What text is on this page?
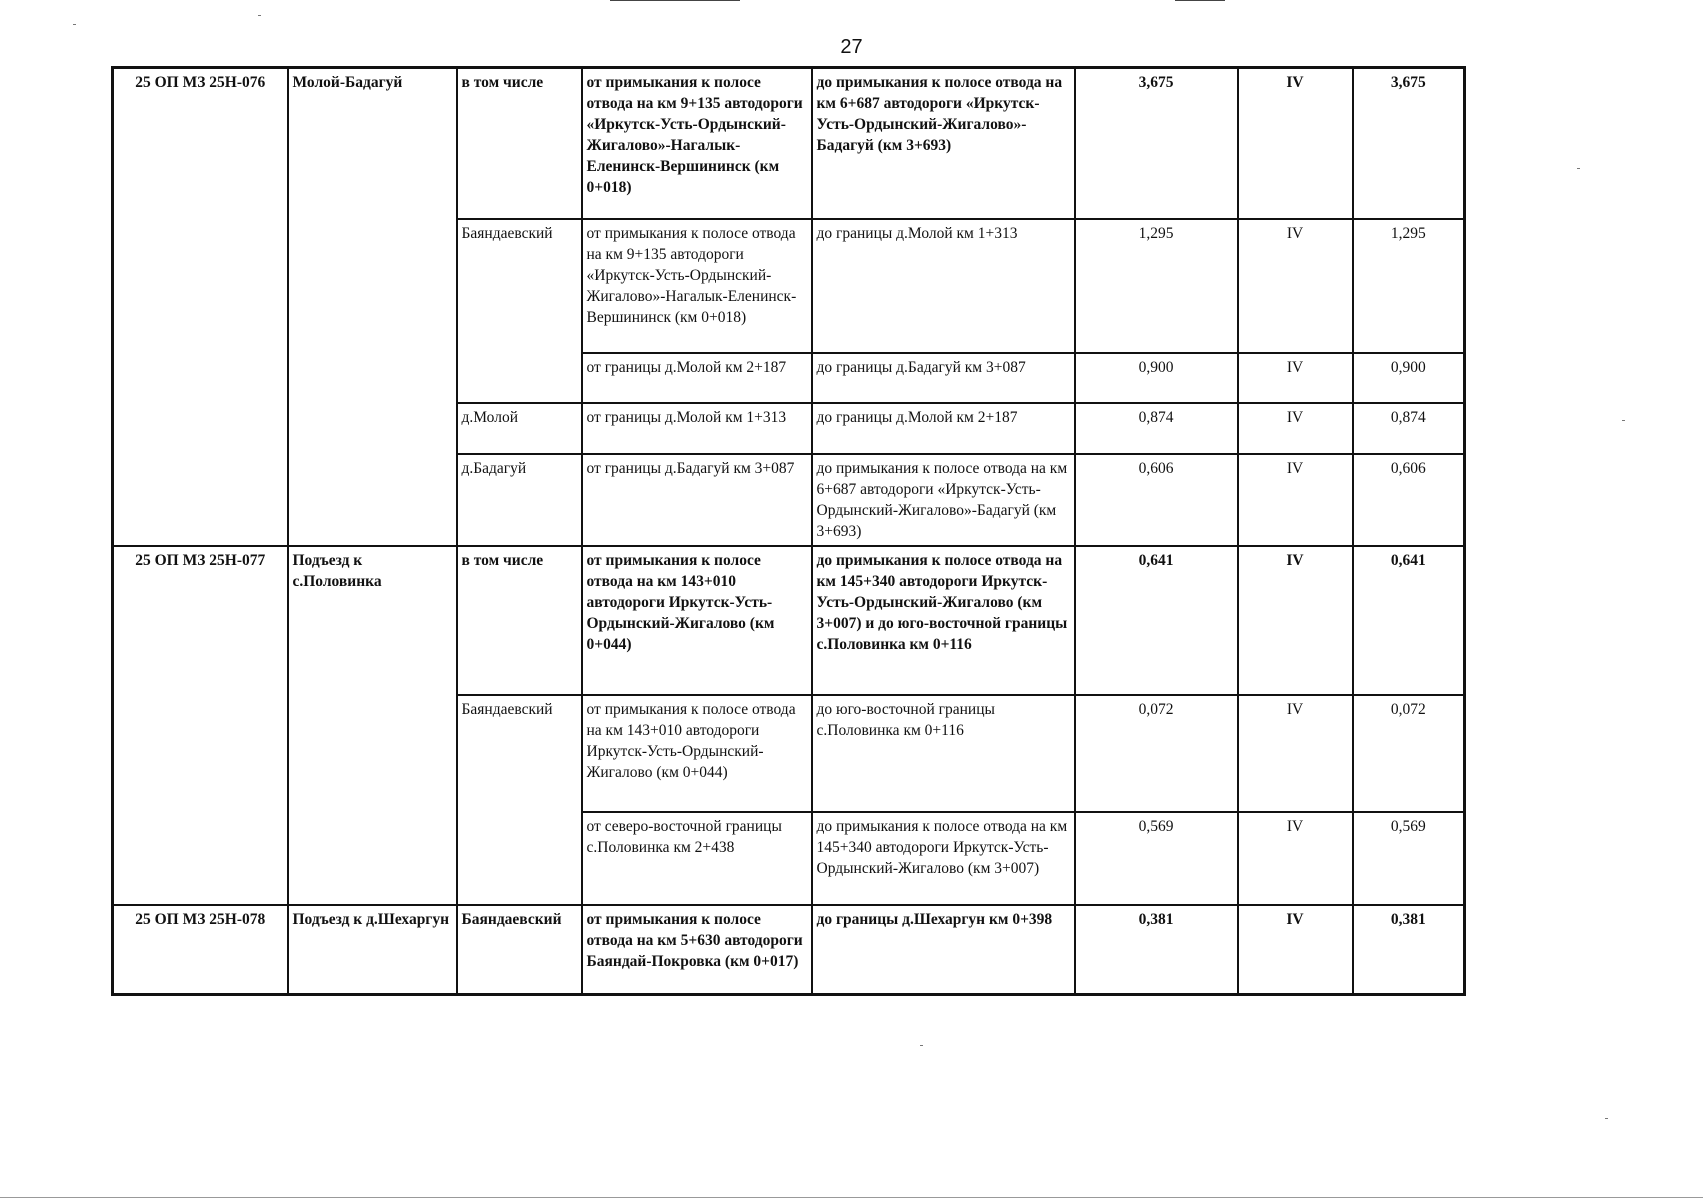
27
25 ОП МЗ 25Н-076	Молой-Бадагуй	в том числе	от примыкания к полосе отвода на км 9+135 автодороги «Иркутск-Усть-Ордынский-Жигалово»-Нагалык-Еленинск-Вершининск (км 0+018)	до примыкания к полосе отвода на км 6+687 автодороги «Иркутск-Усть-Ордынский-Жигалово»-Бадагуй (км 3+693)	3,675	IV	3,675
		Баяндаевский	от примыкания к полосе отвода на км 9+135 автодороги «Иркутск-Усть-Ордынский-Жигалово»-Нагалык-Еленинск-Вершининск (км 0+018)	до границы д.Молой км 1+313	1,295	IV	1,295
			от границы д.Молой км 2+187	до границы д.Бадагуй км 3+087	0,900	IV	0,900
		д.Молой	от границы д.Молой км 1+313	до границы д.Молой км 2+187	0,874	IV	0,874
		д.Бадагуй	от границы д.Бадагуй км 3+087	до примыкания к полосе отвода на км 6+687 автодороги «Иркутск-Усть-Ордынский-Жигалово»-Бадагуй (км 3+693)	0,606	IV	0,606
25 ОП МЗ 25Н-077	Подъезд к с.Половинка	в том числе	от примыкания к полосе отвода на км 143+010 автодороги Иркутск-Усть-Ордынский-Жигалово (км 0+044)	до примыкания к полосе отвода на км 145+340 автодороги Иркутск-Усть-Ордынский-Жигалово (км 3+007) и до юго-восточной границы с.Половинка км 0+116	0,641	IV	0,641
		Баяндаевский	от примыкания к полосе отвода на км 143+010 автодороги Иркутск-Усть-Ордынский-Жигалово (км 0+044)	до юго-восточной границы с.Половинка км 0+116	0,072	IV	0,072
			от северо-восточной границы с.Половинка км 2+438	до примыкания к полосе отвода на км 145+340 автодороги Иркутск-Усть-Ордынский-Жигалово (км 3+007)	0,569	IV	0,569
25 ОП МЗ 25Н-078	Подъезд к д.Шехаргун	Баяндаевский	от примыкания к полосе отвода на км 5+630 автодороги Баяндай-Покровка (км 0+017)	до границы д.Шехаргун км 0+398	0,381	IV	0,381
